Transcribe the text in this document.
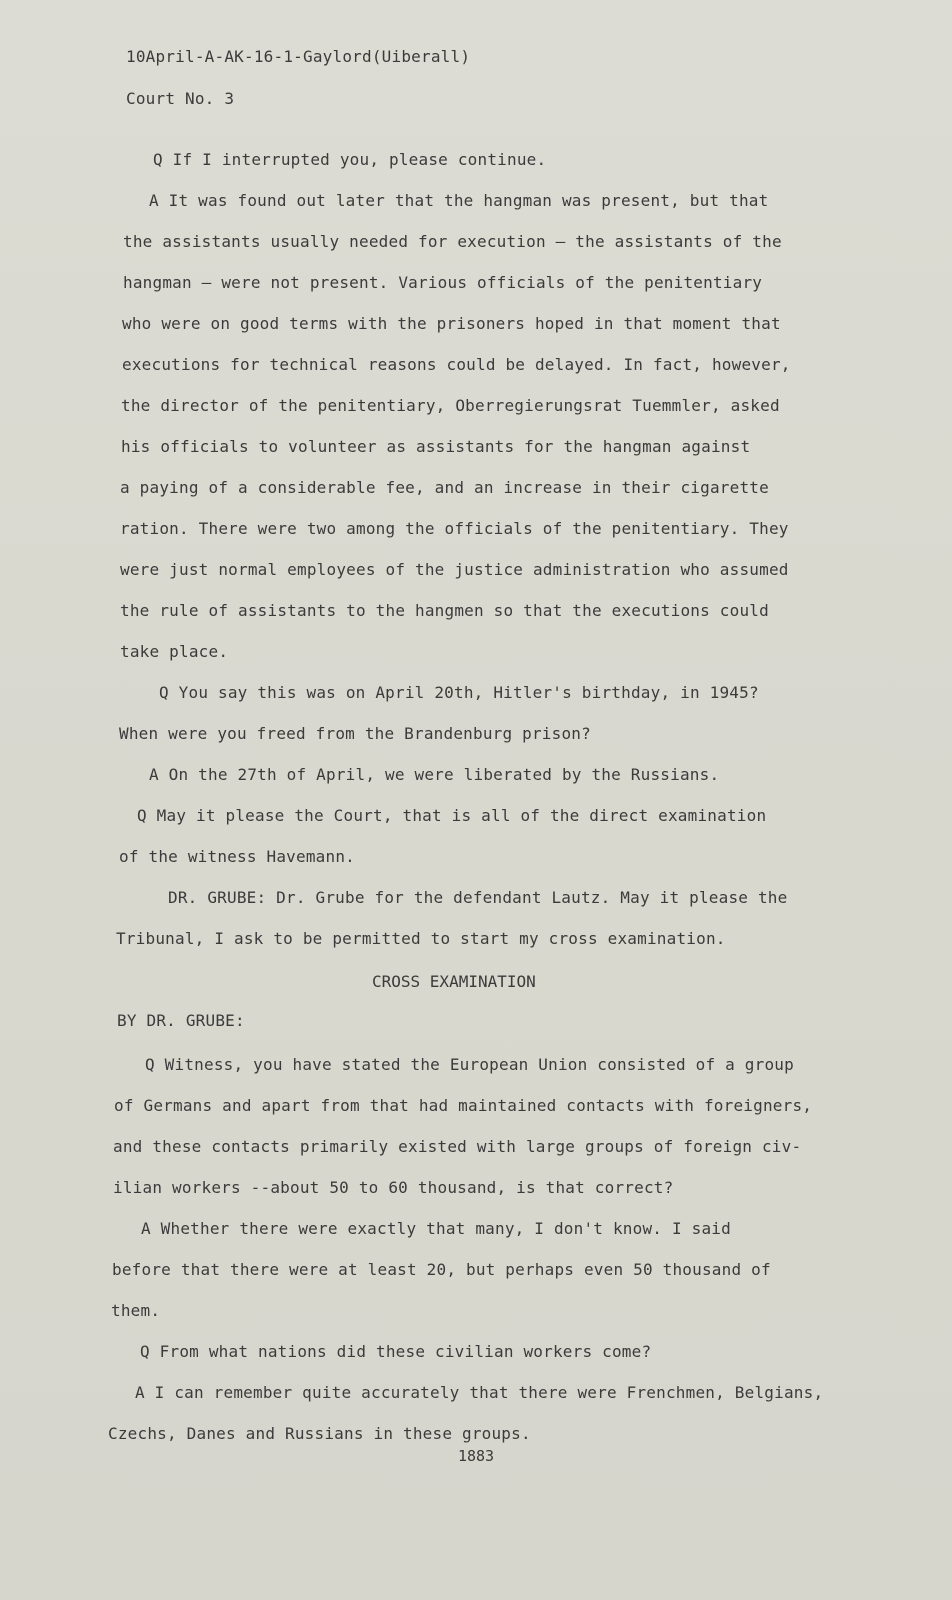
10April-A-AK-16-1-Gaylord(Uiberall)
Court No. 3
Q If I interrupted you, please continue.
A It was found out later that the hangman was present, but that
the assistants usually needed for execution — the assistants of the
hangman — were not present. Various officials of the penitentiary
who were on good terms with the prisoners hoped in that moment that
executions for technical reasons could be delayed. In fact, however,
the director of the penitentiary, Oberregierungsrat Tuemmler, asked
his officials to volunteer as assistants for the hangman against
a paying of a considerable fee, and an increase in their cigarette
ration. There were two among the officials of the penitentiary. They
were just normal employees of the justice administration who assumed
the rule of assistants to the hangmen so that the executions could
take place.
Q You say this was on April 20th, Hitler's birthday, in 1945?
When were you freed from the Brandenburg prison?
A On the 27th of April, we were liberated by the Russians.
Q May it please the Court, that is all of the direct examination
of the witness Havemann.
DR. GRUBE: Dr. Grube for the defendant Lautz. May it please the
Tribunal, I ask to be permitted to start my cross examination.
CROSS EXAMINATION
BY DR. GRUBE:
Q Witness, you have stated the European Union consisted of a group
of Germans and apart from that had maintained contacts with foreigners,
and these contacts primarily existed with large groups of foreign civ-
ilian workers --about 50 to 60 thousand, is that correct?
A Whether there were exactly that many, I don't know. I said
before that there were at least 20, but perhaps even 50 thousand of
them.
Q From what nations did these civilian workers come?
A I can remember quite accurately that there were Frenchmen, Belgians,
Czechs, Danes and Russians in these groups.
1883
